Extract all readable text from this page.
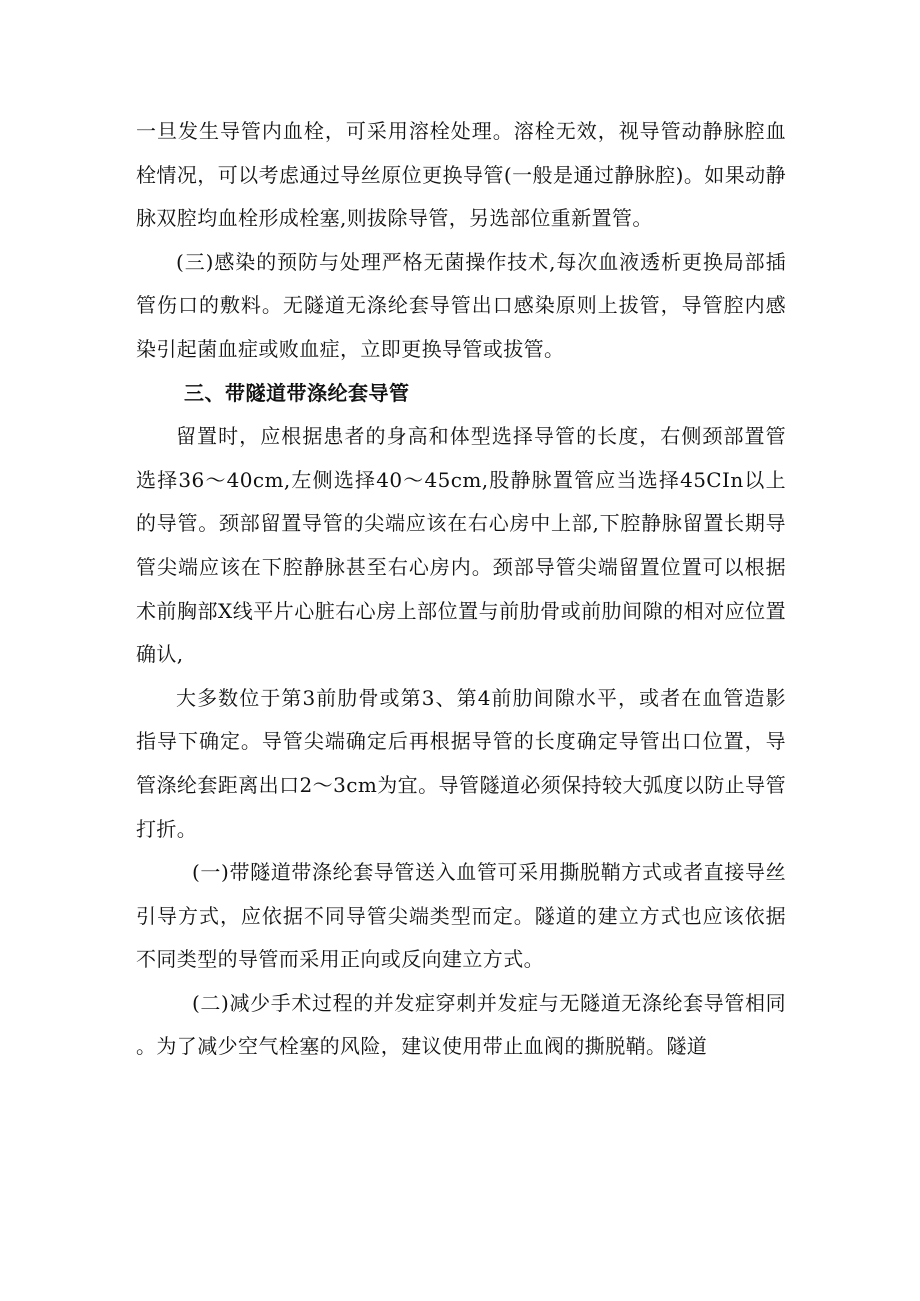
一旦发生导管内血栓，可采用溶栓处理。溶栓无效，视导管动静脉腔血栓情况，可以考虑通过导丝原位更换导管(一般是通过静脉腔)。如果动静脉双腔均血栓形成栓塞,则拔除导管，另选部位重新置管。

(三)感染的预防与处理严格无菌操作技术,每次血液透析更换局部插管伤口的敷料。无隧道无涤纶套导管出口感染原则上拔管，导管腔内感染引起菌血症或败血症，立即更换导管或拔管。

三、带隧道带涤纶套导管

留置时，应根据患者的身高和体型选择导管的长度，右侧颈部置管选择36～40cm,左侧选择40～45cm,股静脉置管应当选择45CIn以上的导管。颈部留置导管的尖端应该在右心房中上部,下腔静脉留置长期导管尖端应该在下腔静脉甚至右心房内。颈部导管尖端留置位置可以根据术前胸部X线平片心脏右心房上部位置与前肋骨或前肋间隙的相对应位置确认,

大多数位于第3前肋骨或第3、第4前肋间隙水平，或者在血管造影指导下确定。导管尖端确定后再根据导管的长度确定导管出口位置，导管涤纶套距离出口2～3cm为宜。导管隧道必须保持较大弧度以防止导管打折。

(一)带隧道带涤纶套导管送入血管可采用撕脱鞘方式或者直接导丝引导方式，应依据不同导管尖端类型而定。隧道的建立方式也应该依据不同类型的导管而采用正向或反向建立方式。

(二)减少手术过程的并发症穿刺并发症与无隧道无涤纶套导管相同。为了减少空气栓塞的风险，建议使用带止血阀的撕脱鞘。隧道
